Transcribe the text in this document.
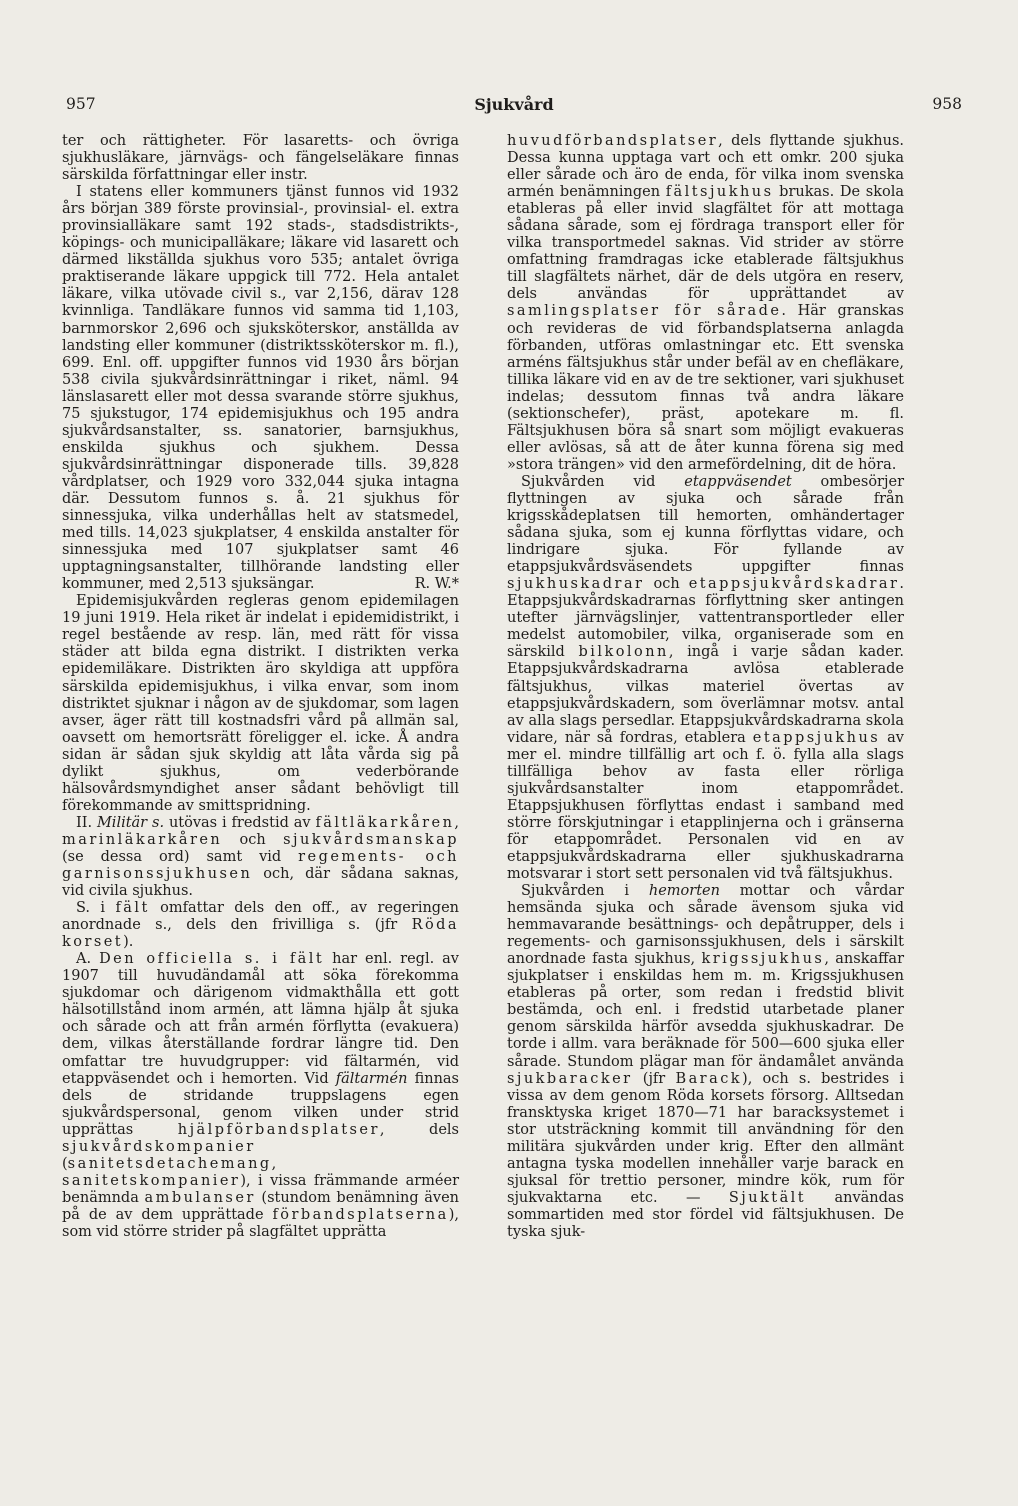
957	Sjukvård	958

ter och rättigheter. För lasaretts- och övriga sjukhusläkare, järnvägs- och fängelseläkare finnas särskilda författningar eller instr.

I statens eller kommuners tjänst funnos vid 1932 års början 389 förste provinsial-, provinsial- el. extra provinsialläkare samt 192 stads-, stadsdistrikts-, köpings- och municipalläkare; läkare vid lasarett och därmed likställda sjukhus voro 535; antalet övriga praktiserande läkare uppgick till 772. Hela antalet läkare, vilka utövade civil s., var 2,156, därav 128 kvinnliga. Tandläkare funnos vid samma tid 1,103, barnmorskor 2,696 och sjuksköterskor, anställda av landsting eller kommuner (distriktssköterskor m. fl.), 699. Enl. off. uppgifter funnos vid 1930 års början 538 civila sjukvårdsinrättningar i riket, näml. 94 länslasarett eller mot dessa svarande större sjukhus, 75 sjukstugor, 174 epidemisjukhus och 195 andra sjukvårdsanstalter, ss. sanatorier, barnsjukhus, enskilda sjukhus och sjukhem. Dessa sjukvårdsinrättningar disponerade tills. 39,828 vårdplatser, och 1929 voro 332,044 sjuka intagna där. Dessutom funnos s. å. 21 sjukhus för sinnessjuka, vilka underhållas helt av statsmedel, med tills. 14,023 sjukplatser, 4 enskilda anstalter för sinnessjuka med 107 sjukplatser samt 46 upptagningsanstalter, tillhörande landsting eller kommuner, med 2,513 sjuksängar.	R. W.*

Epidemisjukvården regleras genom epidemilagen 19 juni 1919. Hela riket är indelat i epidemidistrikt, i regel bestående av resp. län, med rätt för vissa städer att bilda egna distrikt. I distrikten verka epidemiläkare. Distrikten äro skyldiga att uppföra särskilda epidemisjukhus, i vilka envar, som inom distriktet sjuknar i någon av de sjukdomar, som lagen avser, äger rätt till kostnadsfri vård på allmän sal, oavsett om hemortsrätt föreligger el. icke. Å andra sidan är sådan sjuk skyldig att låta vårda sig på dylikt sjukhus, om vederbörande hälsovårdsmyndighet anser sådant behövligt till förekommande av smittspridning.

II. Militär s. utövas i fredstid av fältläkarkåren, marinläkarkåren och sjukvårdsmanskap (se dessa ord) samt vid regements- och garnisonssjukhusen och, där sådana saknas, vid civila sjukhus.

S. i fält omfattar dels den off., av regeringen anordnade s., dels den frivilliga s. (jfr Röda korset).

A. Den officiella s. i fält har enl. regl. av 1907 till huvudändamål att söka förekomma sjukdomar och därigenom vidmakthålla ett gott hälsotillstånd inom armén, att lämna hjälp åt sjuka och sårade och att från armén förflytta (evakuera) dem, vilkas återställande fordrar längre tid. Den omfattar tre huvudgrupper: vid fältarmén, vid etappväsendet och i hemorten. Vid fältarmén finnas dels de stridande truppslagens egen sjukvårdspersonal, genom vilken under strid upprättas hjälpförbandsplatser, dels sjukvårdskompanier (sanitetsdetachemang, sanitetskompanier), i vissa främmande arméer benämnda ambulanser (stundom benämning även på de av dem upprättade förbandsplatserna), som vid större strider på slagfältet upprätta

huvudförbandsplatser, dels flyttande sjukhus. Dessa kunna upptaga vart och ett omkr. 200 sjuka eller sårade och äro de enda, för vilka inom svenska armén benämningen fältsjukhus brukas. De skola etableras på eller invid slagfältet för att mottaga sådana sårade, som ej fördraga transport eller för vilka transportmedel saknas. Vid strider av större omfattning framdragas icke etablerade fältsjukhus till slagfältets närhet, där de dels utgöra en reserv, dels användas för upprättandet av samlingsplatser för sårade. Här granskas och revideras de vid förbandsplatserna anlagda förbanden, utföras omlastningar etc. Ett svenska arméns fältsjukhus står under befäl av en chefläkare, tillika läkare vid en av de tre sektioner, vari sjukhuset indelas; dessutom finnas två andra läkare (sektionschefer), präst, apotekare m. fl. Fältsjukhusen böra så snart som möjligt evakueras eller avlösas, så att de åter kunna förena sig med »stora trängen» vid den armefördelning, dit de höra.

Sjukvården vid etappväsendet ombesörjer flyttningen av sjuka och sårade från krigsskådeplatsen till hemorten, omhändertager sådana sjuka, som ej kunna förflyttas vidare, och lindrigare sjuka. För fyllande av etappsjukvårdsväsendets uppgifter finnas sjukhuskadrar och etappsjukvårdskadrar. Etappsjukvårdskadrarnas förflyttning sker antingen utefter järnvägslinjer, vattentransportleder eller medelst automobiler, vilka, organiserade som en särskild bilkolonn, ingå i varje sådan kader. Etappsjukvårdskadrarna avlösa etablerade fältsjukhus, vilkas materiel övertas av etappsjukvårdskadern, som överlämnar motsv. antal av alla slags persedlar. Etappsjukvårdskadrarna skola vidare, när så fordras, etablera etappsjukhus av mer el. mindre tillfällig art och f. ö. fylla alla slags tillfälliga behov av fasta eller rörliga sjukvårdsanstalter inom etappområdet. Etappsjukhusen förflyttas endast i samband med större förskjutningar i etapplinjerna och i gränserna för etappområdet. Personalen vid en av etappsjukvårdskadrarna eller sjukhuskadrarna motsvarar i stort sett personalen vid två fältsjukhus.

Sjukvården i hemorten mottar och vårdar hemsända sjuka och sårade ävensom sjuka vid hemmavarande besättnings- och depåtrupper, dels i regements- och garnisonssjukhusen, dels i särskilt anordnade fasta sjukhus, krigssjukhus, anskaffar sjukplatser i enskildas hem m. m. Krigssjukhusen etableras på orter, som redan i fredstid blivit bestämda, och enl. i fredstid utarbetade planer genom särskilda härför avsedda sjukhuskadrar. De torde i allm. vara beräknade för 500—600 sjuka eller sårade. Stundom plägar man för ändamålet använda sjukbaracker (jfr Barack), och s. bestrides i vissa av dem genom Röda korsets försorg. Alltsedan fransktyska kriget 1870—71 har baracksystemet i stor utsträckning kommit till användning för den militära sjukvården under krig. Efter den allmänt antagna tyska modellen innehåller varje barack en sjuksal för trettio personer, mindre kök, rum för sjukvaktarna etc. — Sjuktält användas sommartiden med stor fördel vid fältsjukhusen. De tyska sjuk-
